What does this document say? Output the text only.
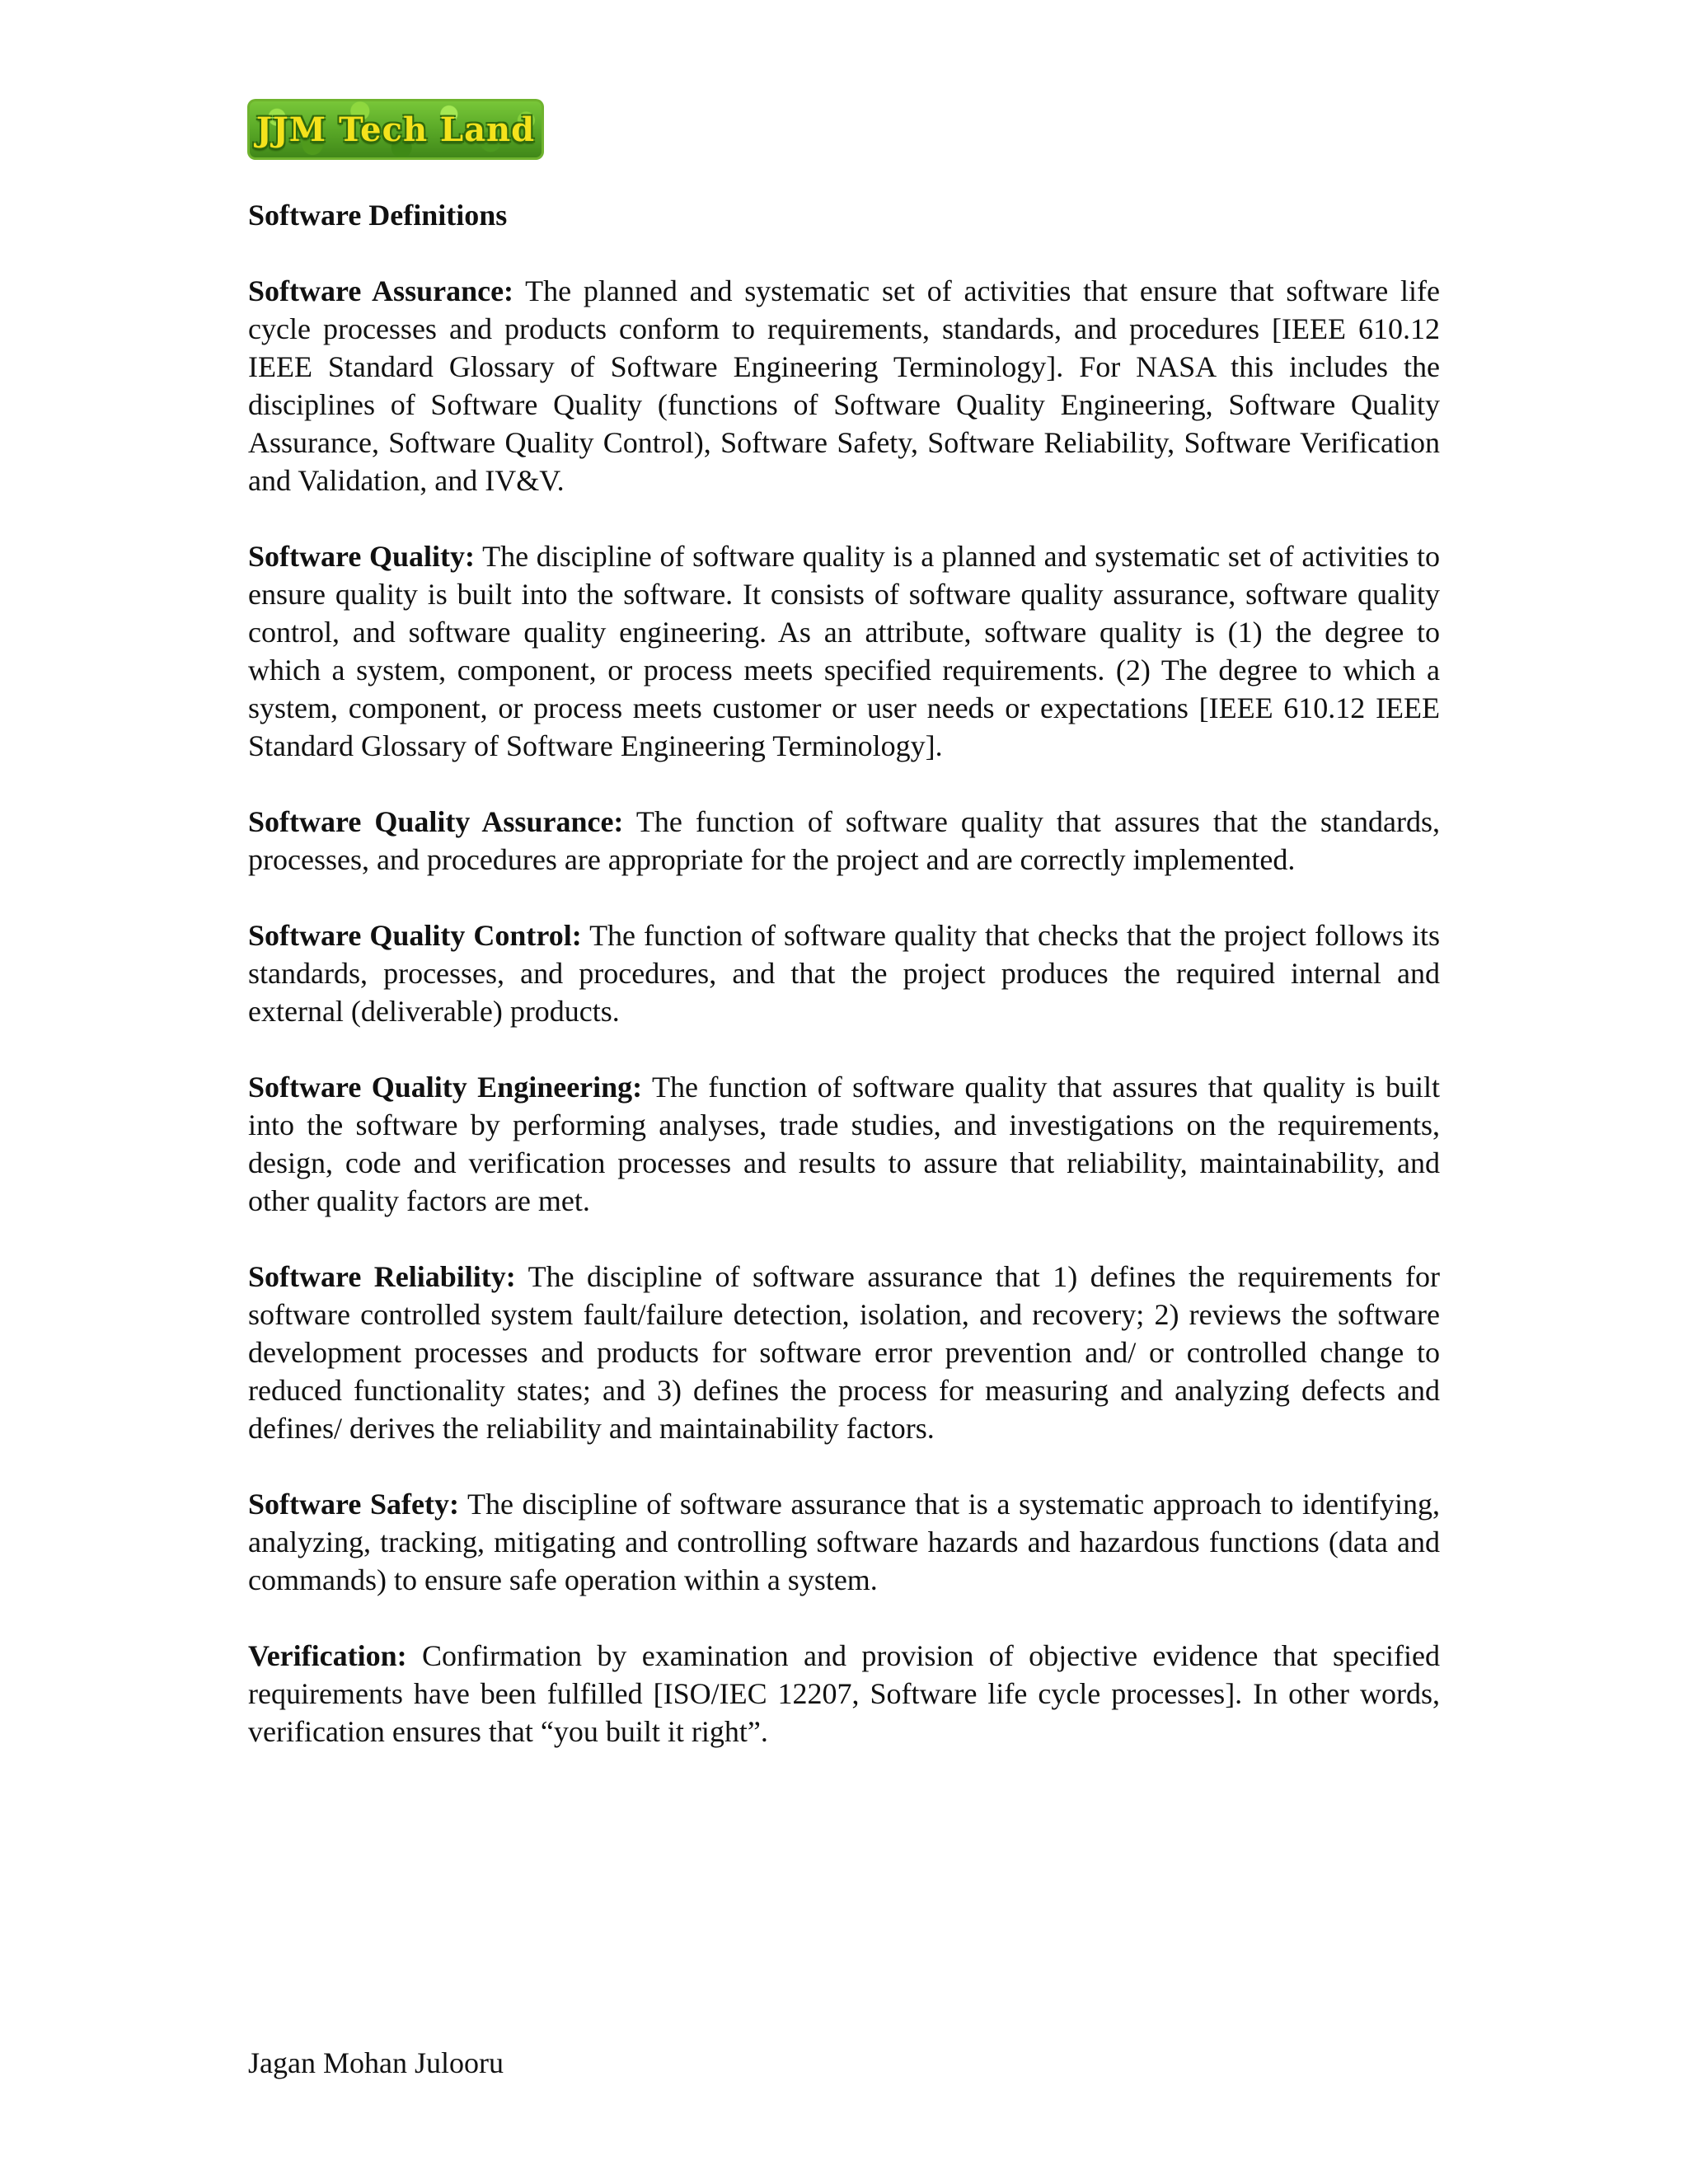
JJM Tech Land
Software Definitions

Software Assurance: The planned and systematic set of activities that ensure that software life cycle processes and products conform to requirements, standards, and procedures [IEEE 610.12 IEEE Standard Glossary of Software Engineering Terminology]. For NASA this includes the disciplines of Software Quality (functions of Software Quality Engineering, Software Quality Assurance, Software Quality Control), Software Safety, Software Reliability, Software Verification and Validation, and IV&V.

Software Quality: The discipline of software quality is a planned and systematic set of activities to ensure quality is built into the software. It consists of software quality assurance, software quality control, and software quality engineering. As an attribute, software quality is (1) the degree to which a system, component, or process meets specified requirements. (2) The degree to which a system, component, or process meets customer or user needs or expectations [IEEE 610.12 IEEE Standard Glossary of Software Engineering Terminology].

Software Quality Assurance: The function of software quality that assures that the standards, processes, and procedures are appropriate for the project and are correctly implemented.

Software Quality Control: The function of software quality that checks that the project follows its standards, processes, and procedures, and that the project produces the required internal and external (deliverable) products.

Software Quality Engineering: The function of software quality that assures that quality is built into the software by performing analyses, trade studies, and investigations on the requirements, design, code and verification processes and results to assure that reliability, maintainability, and other quality factors are met.

Software Reliability: The discipline of software assurance that 1) defines the requirements for software controlled system fault/failure detection, isolation, and recovery; 2) reviews the software development processes and products for software error prevention and/ or controlled change to reduced functionality states; and 3) defines the process for measuring and analyzing defects and defines/ derives the reliability and maintainability factors.

Software Safety: The discipline of software assurance that is a systematic approach to identifying, analyzing, tracking, mitigating and controlling software hazards and hazardous functions (data and commands) to ensure safe operation within a system.

Verification: Confirmation by examination and provision of objective evidence that specified requirements have been fulfilled [ISO/IEC 12207, Software life cycle processes]. In other words, verification ensures that “you built it right”.

Jagan Mohan Julooru
